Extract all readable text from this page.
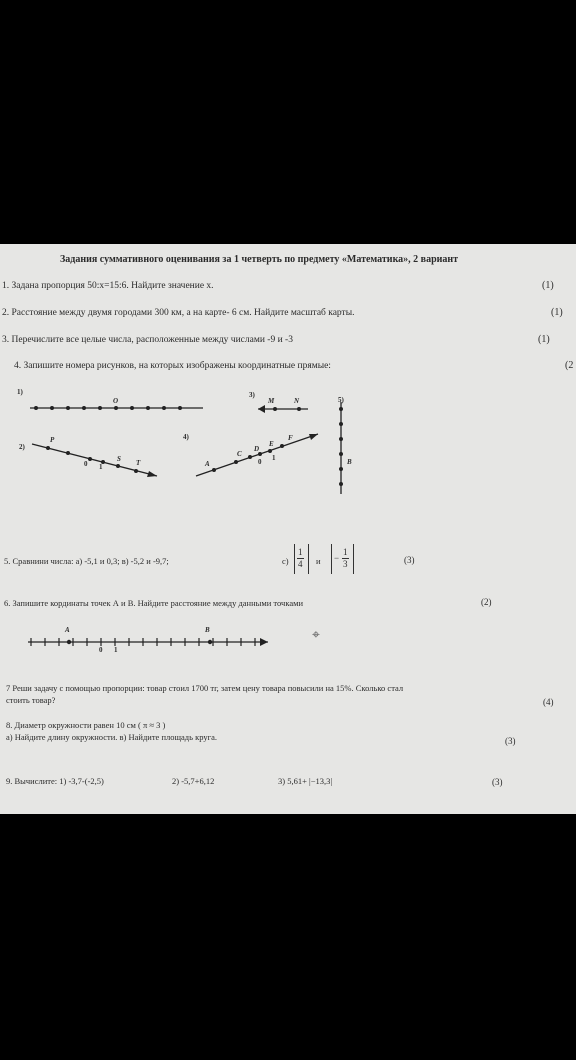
Задания суммативного оценивания за 1 четверть по предмету «Математика», 2 вариант
1. Задана пропорция 50:x=15:6. Найдите значение x.	(1)
2. Расстояние между двумя городами 300 км, а на карте- 6 см. Найдите масштаб карты.	(1)
3. Перечислите все целые числа, расположенные между числами -9 и -3	(1)
4. Запишите номера рисунков, на которых изображены координатные прямые:	(2
1)
O
2)
P
0 1
S T
3)
M	N
4)
A
C
D
E
F
0 1
5)
B
5. Сравнини числа: а) -5,1 и 0,3; в) -5,2 и -9,7;	$с) \frac{1}{4}$ $и - \frac{1}{3}$	(3)
6. Запишите кординаты точек А и В. Найдите расстояние между данными точками	(2)
A	B
0 1
⌖
7 Реши задачу с помощью пропорции: товар стоил 1700 тг, затем цену товара повысили на 15%. Сколько стал
стоить товар?	(4)
8. Диаметр окружности равен 10 см ( π ≈ 3 )
а) Найдите длину окружности. в) Найдите площадь круга.	(3)
9. Вычислите: 1) -3,7-(-2,5)	2) -5,7+6,12	3) 5,61+ |−13,3|	(3)
